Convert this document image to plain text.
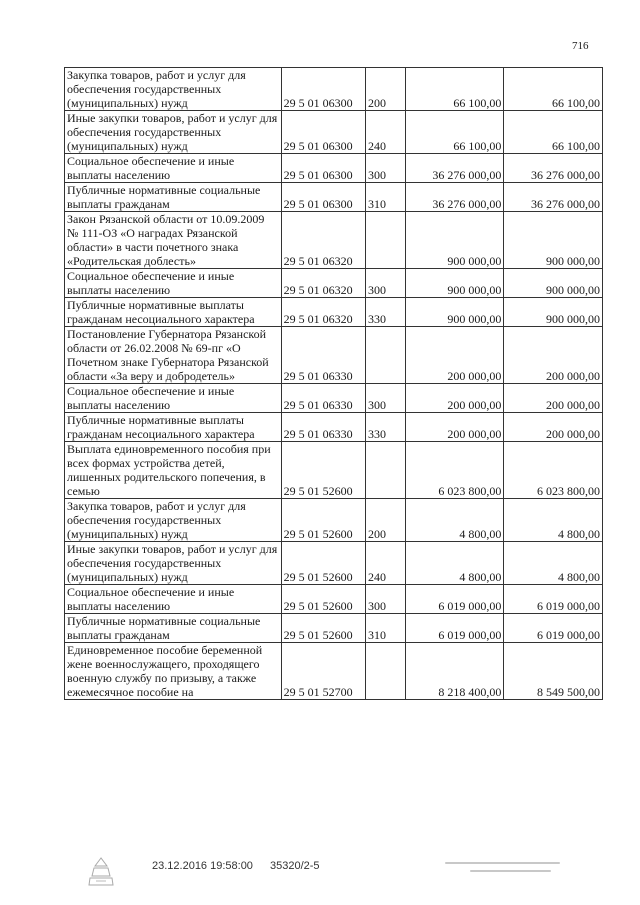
716
Закупка товаров, работ и услуг для обеспечения государственных (муниципальных) нужд	29 5 01 06300	200	66 100,00	66 100,00
Иные закупки товаров, работ и услуг для обеспечения государственных (муниципальных) нужд	29 5 01 06300	240	66 100,00	66 100,00
Социальное обеспечение и иные выплаты населению	29 5 01 06300	300	36 276 000,00	36 276 000,00
Публичные нормативные социальные выплаты гражданам	29 5 01 06300	310	36 276 000,00	36 276 000,00
Закон Рязанской области от 10.09.2009 № 111-ОЗ «О наградах Рязанской области» в части почетного знака «Родительская доблесть»	29 5 01 06320		900 000,00	900 000,00
Социальное обеспечение и иные выплаты населению	29 5 01 06320	300	900 000,00	900 000,00
Публичные нормативные выплаты гражданам несоциального характера	29 5 01 06320	330	900 000,00	900 000,00
Постановление Губернатора Рязанской области от 26.02.2008 № 69-пг «О Почетном знаке Губернатора Рязанской области «За веру и добродетель»	29 5 01 06330		200 000,00	200 000,00
Социальное обеспечение и иные выплаты населению	29 5 01 06330	300	200 000,00	200 000,00
Публичные нормативные выплаты гражданам несоциального характера	29 5 01 06330	330	200 000,00	200 000,00
Выплата единовременного пособия при всех формах устройства детей, лишенных родительского попечения, в семью	29 5 01 52600		6 023 800,00	6 023 800,00
Закупка товаров, работ и услуг для обеспечения государственных (муниципальных) нужд	29 5 01 52600	200	4 800,00	4 800,00
Иные закупки товаров, работ и услуг для обеспечения государственных (муниципальных) нужд	29 5 01 52600	240	4 800,00	4 800,00
Социальное обеспечение и иные выплаты населению	29 5 01 52600	300	6 019 000,00	6 019 000,00
Публичные нормативные социальные выплаты гражданам	29 5 01 52600	310	6 019 000,00	6 019 000,00
Единовременное пособие беременной жене военнослужащего, проходящего военную службу по призыву, а также ежемесячное пособие на	29 5 01 52700		8 218 400,00	8 549 500,00
23.12.2016 19:58:00 35320/2-5
